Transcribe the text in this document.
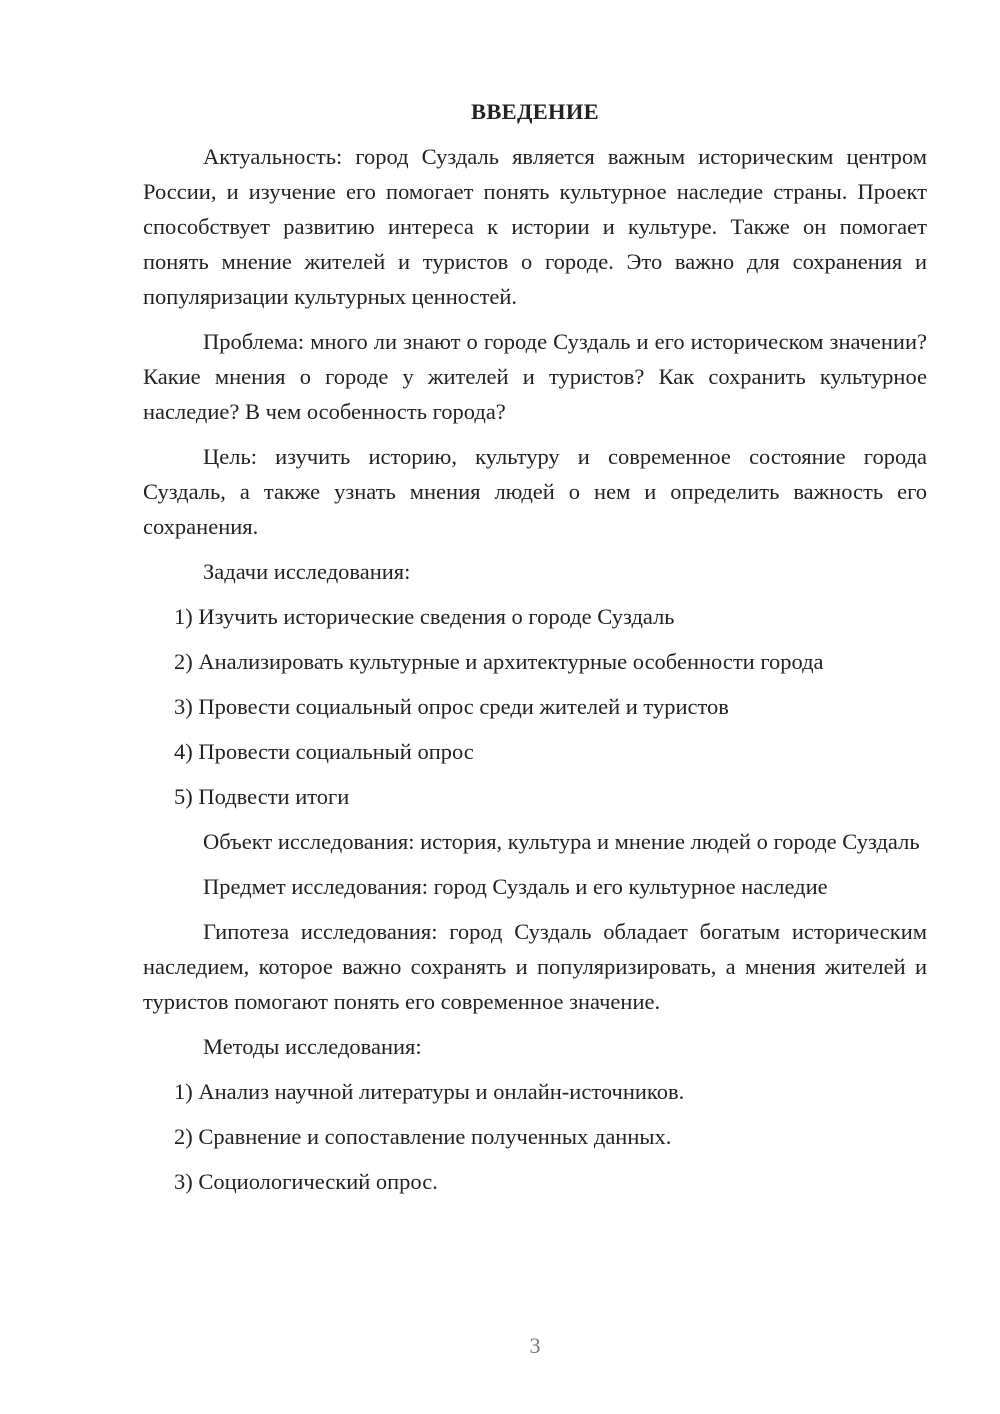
ВВЕДЕНИЕ

Актуальность: город Суздаль является важным историческим центром России, и изучение его помогает понять культурное наследие страны. Проект способствует развитию интереса к истории и культуре. Также он помогает понять мнение жителей и туристов о городе. Это важно для сохранения и популяризации культурных ценностей.

Проблема: много ли знают о городе Суздаль и его историческом значении? Какие мнения о городе у жителей и туристов? Как сохранить культурное наследие? В чем особенность города?

Цель: изучить историю, культуру и современное состояние города Суздаль, а также узнать мнения людей о нем и определить важность его сохранения.

Задачи исследования:

1) Изучить исторические сведения о городе Суздаль

2) Анализировать культурные и архитектурные особенности города

3) Провести социальный опрос среди жителей и туристов

4) Провести социальный опрос

5) Подвести итоги

Объект исследования: история, культура и мнение людей о городе Суздаль

Предмет исследования: город Суздаль и его культурное наследие

Гипотеза исследования: город Суздаль обладает богатым историческим наследием, которое важно сохранять и популяризировать, а мнения жителей и туристов помогают понять его современное значение.

Методы исследования:

1) Анализ научной литературы и онлайн-источников.

2) Сравнение и сопоставление полученных данных.

3) Социологический опрос.

3
